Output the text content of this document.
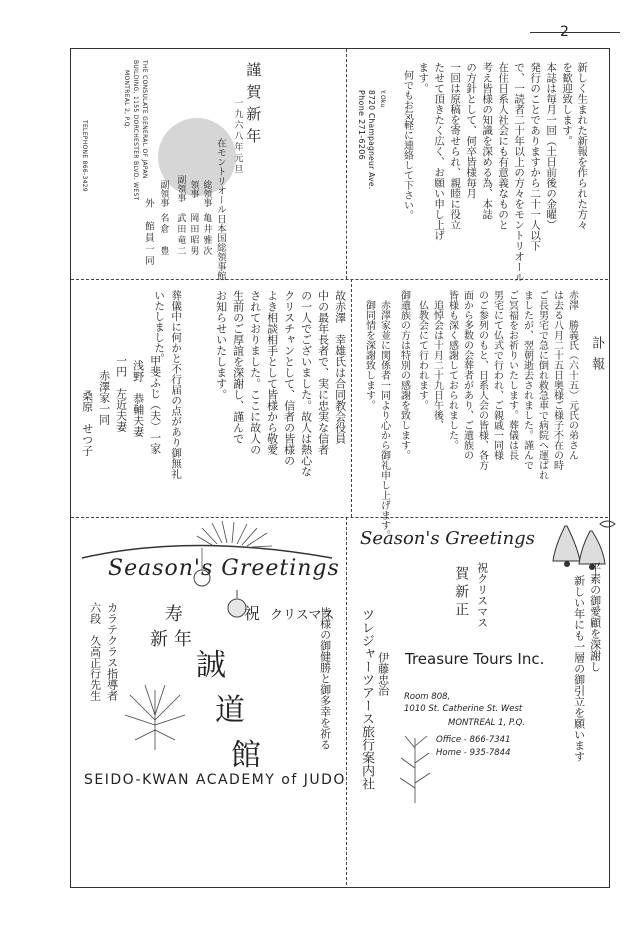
2
THE CONSULATE GENERAL OF JAPAN
BUILDING, 1155 DORCHESTER BLVD. WEST
MONTREAL 2, P.Q.
TELEPHONE 866-3429
謹賀新年
一九六八年元旦
在モントリオール日本国総領事館
総領事
亀井雅次
領事
岡田昭男
副領事
武田竜二
副領事
名倉　豊
外　館員一同
新しく生まれた新報を作られた方々
を歓迎致します。
本誌は毎月一回（土日前後の金曜）
発行のことでありますから二十一人以下
で、一読者二十年以上の方々をモントリオール
在住日系人社会にも有意義なものと
考え皆様の知識を深める為、本誌
の方針として、何卒皆様毎月
一回は原稿を寄せられ、親睦に役立
たせて頂きたく広く、お願い申し上げ
ます。
何でもお気軽に連絡して下さい。
Y.Oku
8720 Champagneur Ave.
Phone 271-6206
訃報
赤澤　勝義氏（六十五）元氏の弟さん
は去る八月二十五日奥様ご様子不在の時
ご長男宅で急に倒れ救急車で病院へ運ばれ
ましたが、翌朝逝去されました。謹んで
ご冥福をお祈りいたします。葬儀は長
男宅にて仏式で行われ、ご親戚一同様
のご参列のもと、日系人会の皆様、各方
面から多数の会葬者があり、ご遺族の
皆様も深く感謝しておられました。
追悼会は十月二十九日午後、
仏教会にて行われます。
御遺族の方は特別の感謝を致します。
赤澤家並に関係者一同より心から御礼申し上げます。
御同情を深謝致します。
故赤澤　幸雄氏は合同教会役員
中の最年長者で、実に忠実な信者
の一人でございました。故人は熱心な
クリスチャンとして、信者の皆様の
よき相談相手として皆様から敬愛
されておりました。ここに故人の
生前のご厚誼を深謝し、謹んで
お知らせいたします。
葬儀中に何かと不行届の点があり御無礼
いたしました。
甲斐ふじ（夫）一家
浅野　恭輔夫妻
一円　左近夫妻
赤澤家一同
桑原　せつ子
Season's Greetings
寿
新年
祝 クリスマス
誠
道
館
カラテクラス指導者
六段　久高正行先生
SEIDO-KWAN ACADEMY of JUDO
Season's Greetings
祝クリスマス
賀新正
Treasure Tours Inc.
Room 808,
1010 St. Catherine St. West
MONTREAL 1, P.Q.
Office - 866-7341
Home - 935-7844
ツレジャーツアース旅行案内社 伊藤忠治
皆様の御健勝と御多幸を祈る	平素の御愛顧を深謝し
新しい年にも一層の御引立を願います
